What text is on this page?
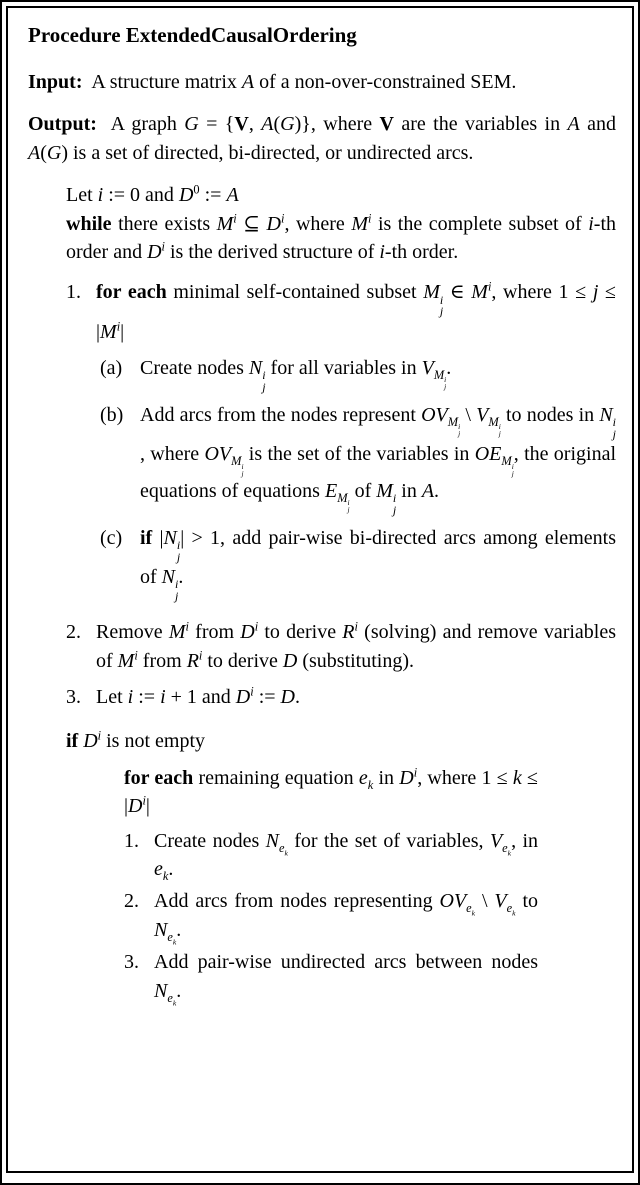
Procedure ExtendedCausalOrdering

Input:  A structure matrix A of a non-over-constrained SEM.

Output:  A graph G = {V, A(G)}, where V are the variables in A and A(G) is a set of directed, bi-directed, or undirected arcs.

Let i := 0 and $D^0$ := A
while there exists $M^i$ ⊆ $D^i$, where $M^i$ is the complete subset of i-th order and $D^i$ is the derived structure of i-th order.
1. for each minimal self-contained subset M i
j
∈ $M^i$, where $1 \le j \le |M^i|$
(a) Create nodes N i
j
for all variables in $V_{M i j}$
.
(b) Add arcs from the nodes represent $OV_{M i j}$
\ $V_{M i j}$
to nodes in N i
j
, where $OV_{M i j}$
is the set of the variables in $OE_{M i j}$
, the original equations of equations $E_{M i j}$
of M i
j
in A.
(c) if |N i
j
| > 1, add pair-wise bi-directed arcs among elements of N i
j
.
2. Remove $M^i$ from $D^i$ to derive $R^i$ (solving) and remove variables of $M^i$ from $R^i$ to derive D (substituting).
3. Let i := i + 1 and $D^i$ := D.
if $D^i$ is not empty
for each remaining equation $e_k$ in $D^i$, where $1 \le k \le |D^i|$
1. Create nodes $N_{e_k}$ for the set of variables, $V_{e_k}$, in $e_k$.
2. Add arcs from nodes representing $OV_{e_k}$ \ $V_{e_k}$ to $N_{e_k}$.
3. Add pair-wise undirected arcs between nodes $N_{e_k}$.
